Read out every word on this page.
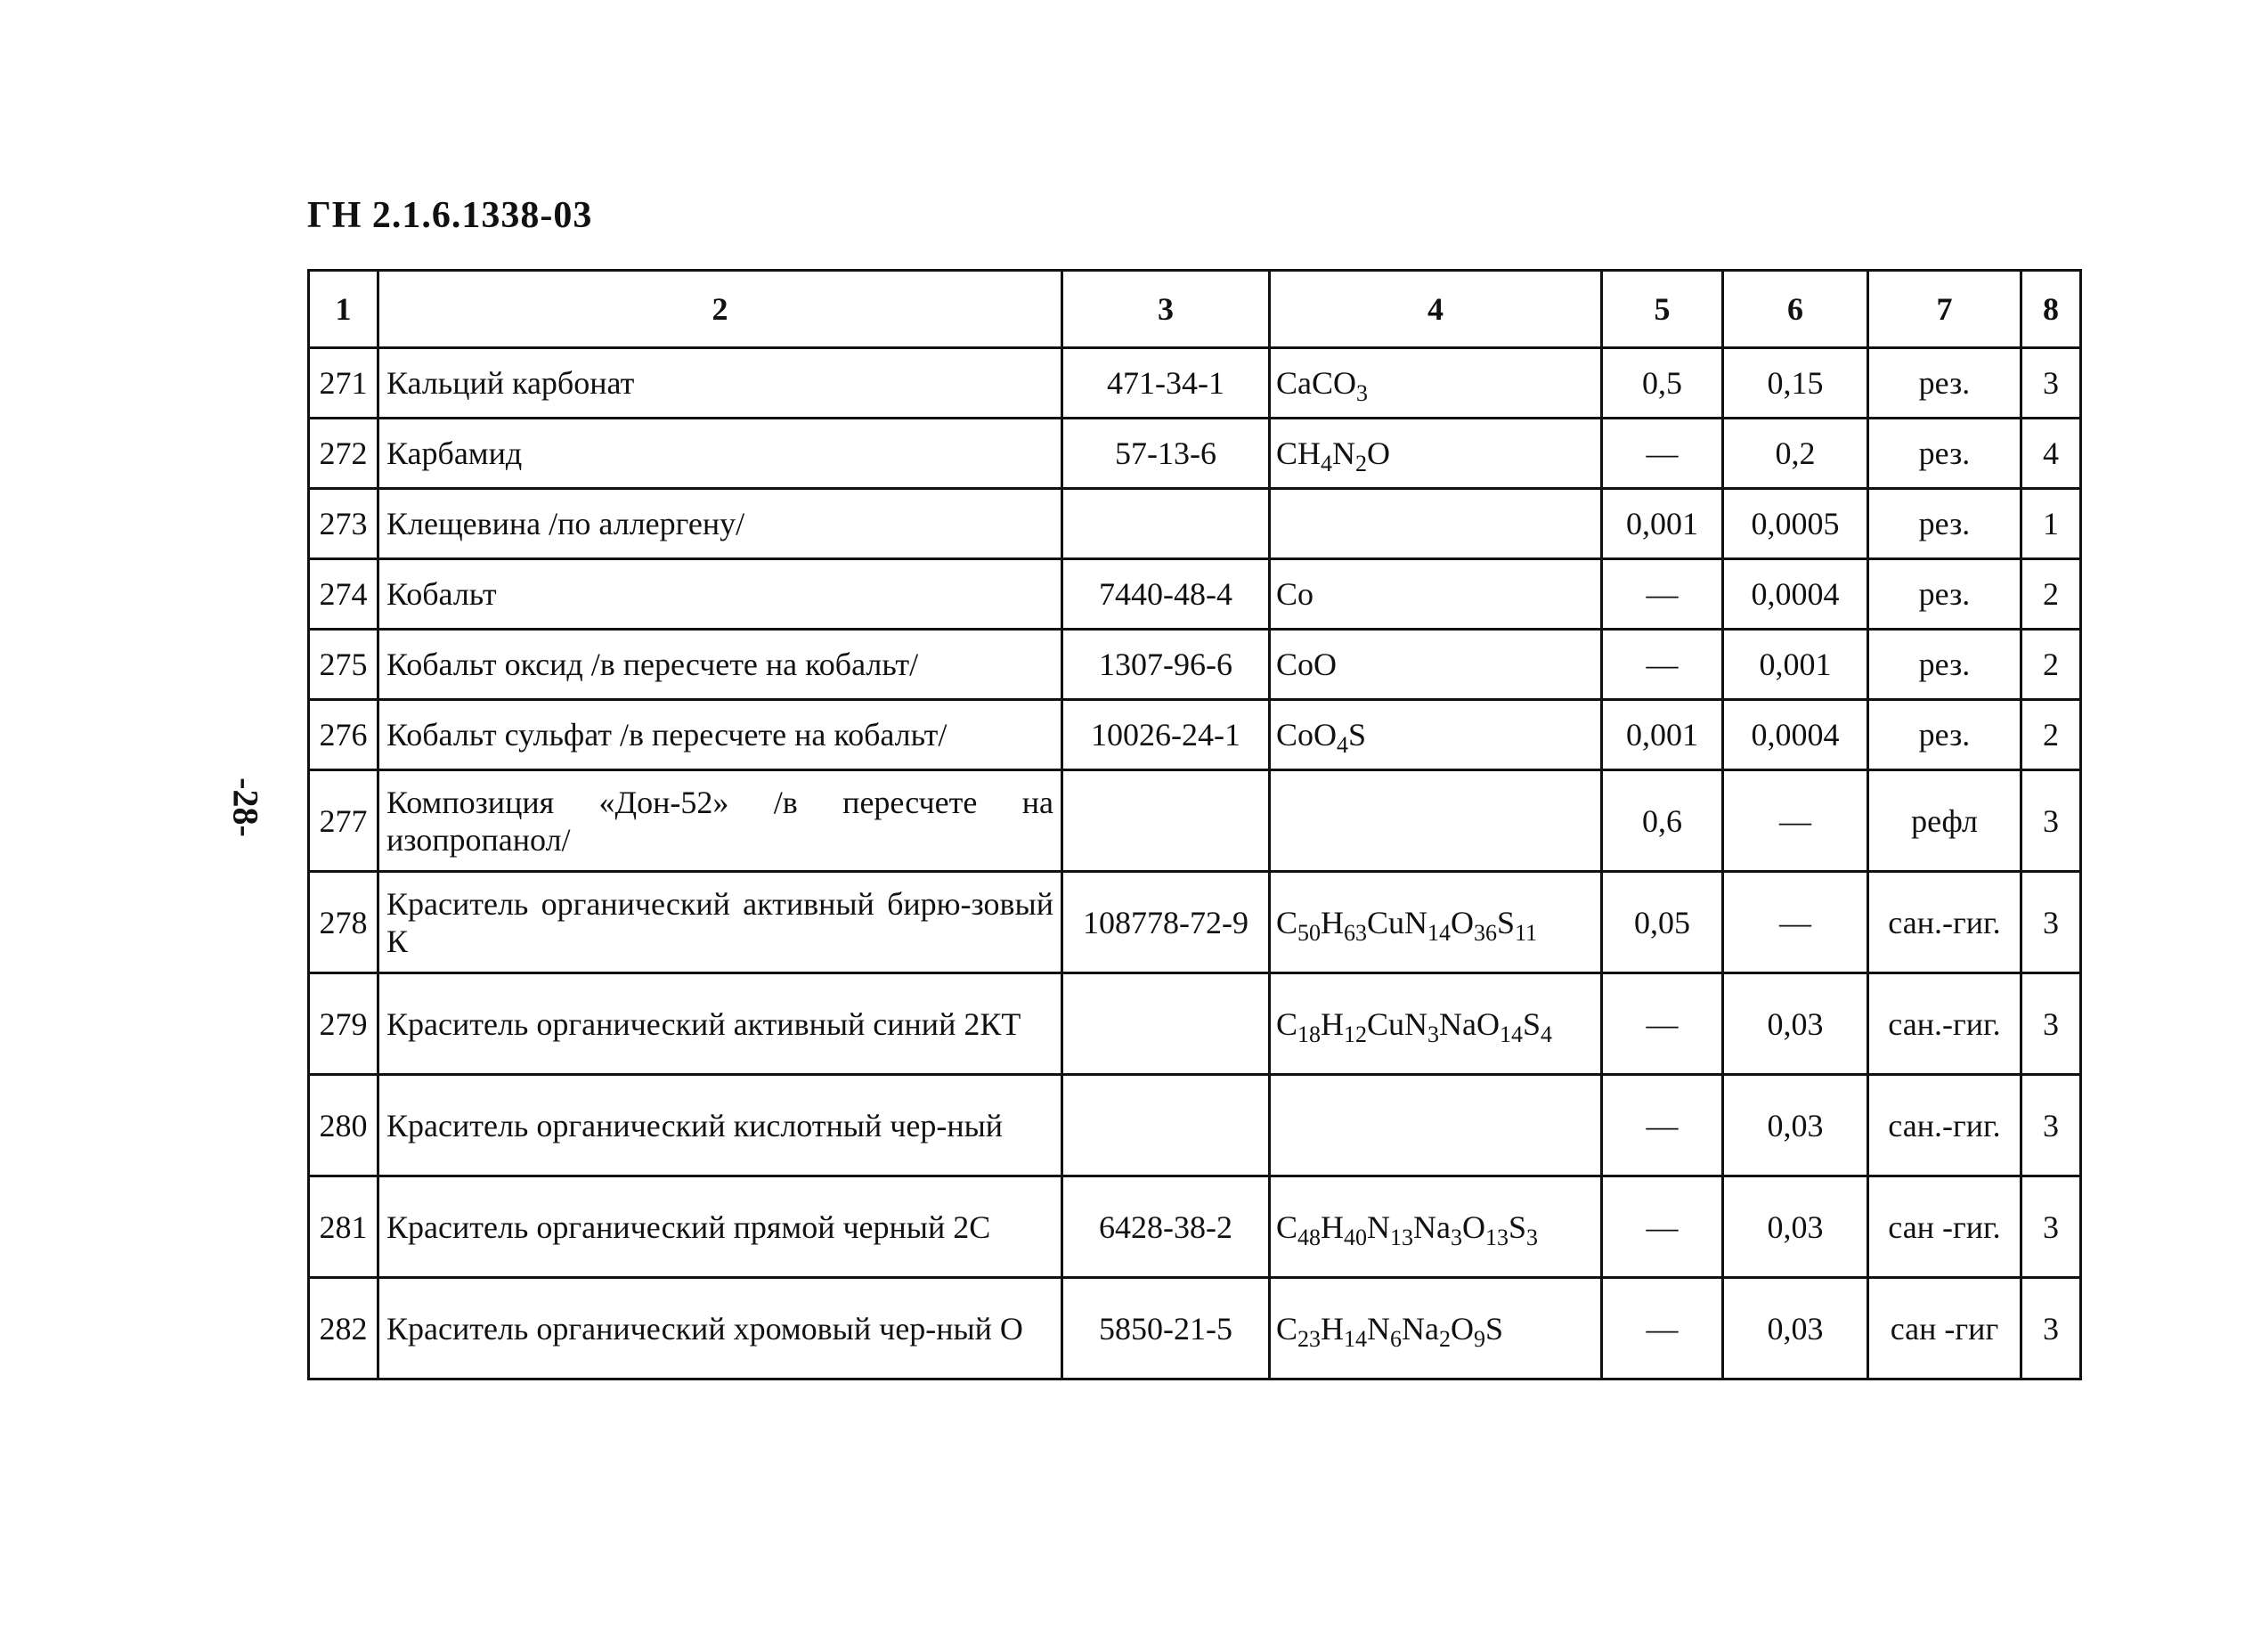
ГН 2.1.6.1338-03
-28-
1	2	3	4	5	6	7	8
271	Кальций карбонат	471-34-1	CaCO$_3$	0,5	0,15	рез.	3
272	Карбамид	57-13-6	$CH_4N_2O$	—	0,2	рез.	4
273	Клещевина /по аллергену/			0,001	0,0005	рез.	1
274	Кобальт	7440-48-4	Co	—	0,0004	рез.	2
275	Кобальт оксид /в пересчете на кобальт/	1307-96-6	CoO	—	0,001	рез.	2
276	Кобальт сульфат /в пересчете на кобальт/	10026-24-1	CoO$_4$S	0,001	0,0004	рез.	2
277	Композиция «Дон-52» /в пересчете на изопропанол/			0,6	—	рефл	3
278	Краситель органический активный бирю-зовый К	108778-72-9	$C_{50}H_{63}CuN_{14}O_{36}S_{11}$	0,05	—	сан.-гиг.	3
279	Краситель органический активный синий 2КТ		$C_{18}H_{12}CuN_3NaO_{14}S_4$	—	0,03	сан.-гиг.	3
280	Краситель органический кислотный чер-ный			—	0,03	сан.-гиг.	3
281	Краситель органический прямой черный 2С	6428-38-2	$C_{48}H_{40}N_{13}Na_3O_{13}S_3$	—	0,03	сан -гиг.	3
282	Краситель органический хромовый чер-ный О	5850-21-5	$C_{23}H_{14}N_6Na_2O_9S$	—	0,03	сан -гиг	3
